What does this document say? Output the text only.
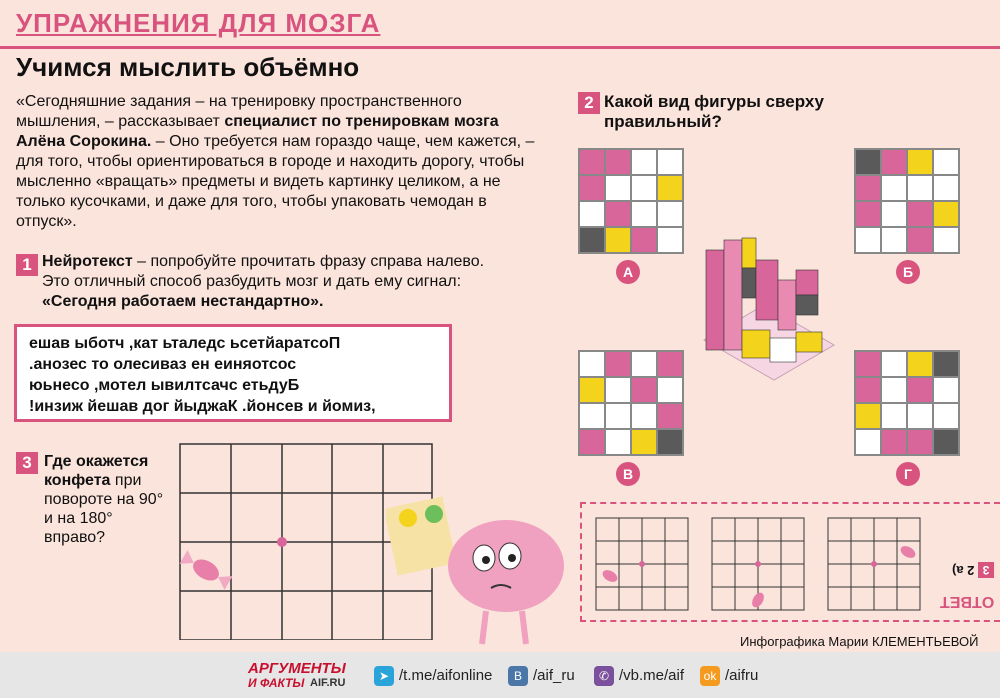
УПРАЖНЕНИЯ ДЛЯ МОЗГА
Учимся мыслить объёмно
«Сегодняшние задания – на тренировку пространственного мышления, – рассказывает специалист по тренировкам мозга Алёна Сорокина. – Оно требуется нам гораздо чаще, чем кажется, – для того, чтобы ориентироваться в городе и находить дорогу, чтобы мысленно «вращать» предметы и видеть картинку целиком, а не только кусочками, и даже для того, чтобы упаковать чемодан в отпуск».
1 Нейротекст – попробуйте прочитать фразу справа налево. Это отличный способ разбудить мозг и дать ему сигнал: «Сегодня работаем нестандартно».
ешав ыботч ,кат ьталедс ьсетйаратсоП
.анозес то олесивaз ен еиняотсос
юьнесо ,мотел ывилтсачс етьдуБ
!инзиж йешав дог йыджаК .йонсев и йомиз,
3 Где окажется конфета при повороте на 90° и на 180° вправо?
2 Какой вид фигуры сверху правильный?
А	Б
В	Г
3 2 а)
ОТВЕТ
Инфографика Марии КЛЕМЕНТЬЕВОЙ
АРГУМЕНТЫ
И ФАКТЫ AIF.RU	➤ /t.me/aifonline	В /aif_ru	✆ /vb.me/aif	ok /aifru
